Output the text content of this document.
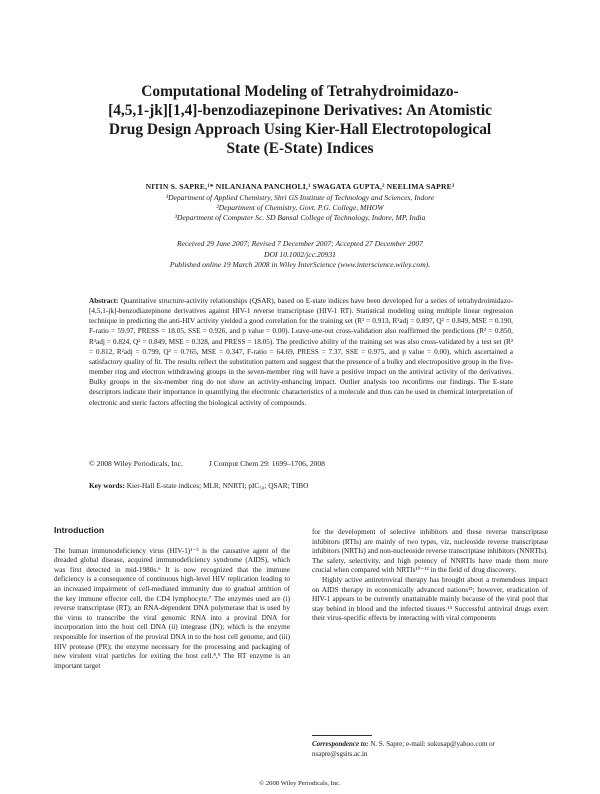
Computational Modeling of Tetrahydroimidazo-
[4,5,1-jk][1,4]-benzodiazepinone Derivatives: An Atomistic
Drug Design Approach Using Kier-Hall Electrotopological
State (E-State) Indices
NITIN S. SAPRE,¹* NILANJANA PANCHOLI,¹ SWAGATA GUPTA,² NEELIMA SAPRE³
¹Department of Applied Chemistry, Shri GS Institute of Technology and Sciences, Indore
²Department of Chemistry, Govt. P.G. College, MHOW
³Department of Computer Sc. SD Bansal College of Technology, Indore, MP, India
Received 29 June 2007; Revised 7 December 2007; Accepted 27 December 2007
DOI 10.1002/jcc.20931
Published online 19 March 2008 in Wiley InterScience (www.interscience.wiley.com).
Abstract: Quantitative structure-activity relationships (QSAR), based on E-state indices have been developed for a series of tetrahydroimidazo-[4,5,1-jk]-benzodiazepinone derivatives against HIV-1 reverse transcriptase (HIV-1 RT). Statistical modeling using multiple linear regression technique in predicting the anti-HIV activity yielded a good correlation for the training set (R² = 0.913, R²adj = 0.897, Q² = 0.849, MSE = 0.190, F-ratio = 59.97, PRESS = 18.05, SSE = 0.926, and p value = 0.00). Leave-one-out cross-validation also reaffirmed the predictions (R² = 0.850, R²adj = 0.824, Q² = 0.849, MSE = 0.328, and PRESS = 18.05). The predictive ability of the training set was also cross-validated by a test set (R² = 0.812, R²adj = 0.799, Q² = 0.765, MSE = 0.347, F-ratio = 64.69, PRESS = 7.37, SSE = 0.975, and p value = 0.00), which ascertained a satisfactory quality of fit. The results reflect the substitution pattern and suggest that the presence of a bulky and electropositive group in the five-member ring and electron withdrawing groups in the seven-member ring will have a positive impact on the antiviral activity of the derivatives. Bulky groups in the six-member ring do not show an activity-enhancing impact. Outlier analysis too reconfirms our findings. The E-state descriptors indicate their importance in quantifying the electronic characteristics of a molecule and thus can be used in chemical interpretation of electronic and steric factors affecting the biological activity of compounds.
© 2008 Wiley Periodicals, Inc.	J Comput Chem 29: 1699–1706, 2008
Key words: Kier-Hall E-state indices; MLR; NNRTI; pIC₅₀; QSAR; TIBO
Introduction

The human immunodeficiency virus (HIV-1)¹⁻⁵ is the causative agent of the dreaded global disease, acquired immunodeficiency syndrome (AIDS), which was first detected in mid-1980s.⁶ It is now recognized that the immune deficiency is a consequence of continuous high-level HIV replication leading to an increased impairment of cell-mediated immunity due to gradual attrition of the key immune effector cell, the CD4 lymphocyte.⁷ The enzymes used are (i) reverse transcriptase (RT); an RNA-dependent DNA polymerase that is used by the virus to transcribe the viral genomic RNA into a proviral DNA for incorporation into the host cell DNA (ii) integrase (IN); which is the enzyme responsible for insertion of the proviral DNA in to the host cell genome, and (iii) HIV protease (PR); the enzyme necessary for the processing and packaging of new virulent viral particles for exiting the host cell.⁸,⁹ The RT enzyme is an important target

for the development of selective inhibitors and these reverse transcriptase inhibitors (RTIs) are mainly of two types, viz, nucleoside reverse transcriptase inhibitors (NRTIs) and non-nucleoside reverse transcriptase inhibitors (NNRTIs). The safety, selectivity, and high potency of NNRTIs have made them more crucial when compared with NRTIs¹⁰⁻¹² in the field of drug discovery.

Highly active antiretroviral therapy has brought about a tremendous impact on AIDS therapy in economically advanced nations¹³; however, eradication of HIV-1 appears to be currently unattainable mainly because of the viral pool that stay behind in blood and the infected tissues.¹⁴ Successful antiviral drugs exert their virus-specific effects by interacting with viral components

Correspondence to: N. S. Sapre; e-mail: sukusap@yahoo.com or nsapre@sgsits.ac.in
© 2008 Wiley Periodicals, Inc.
